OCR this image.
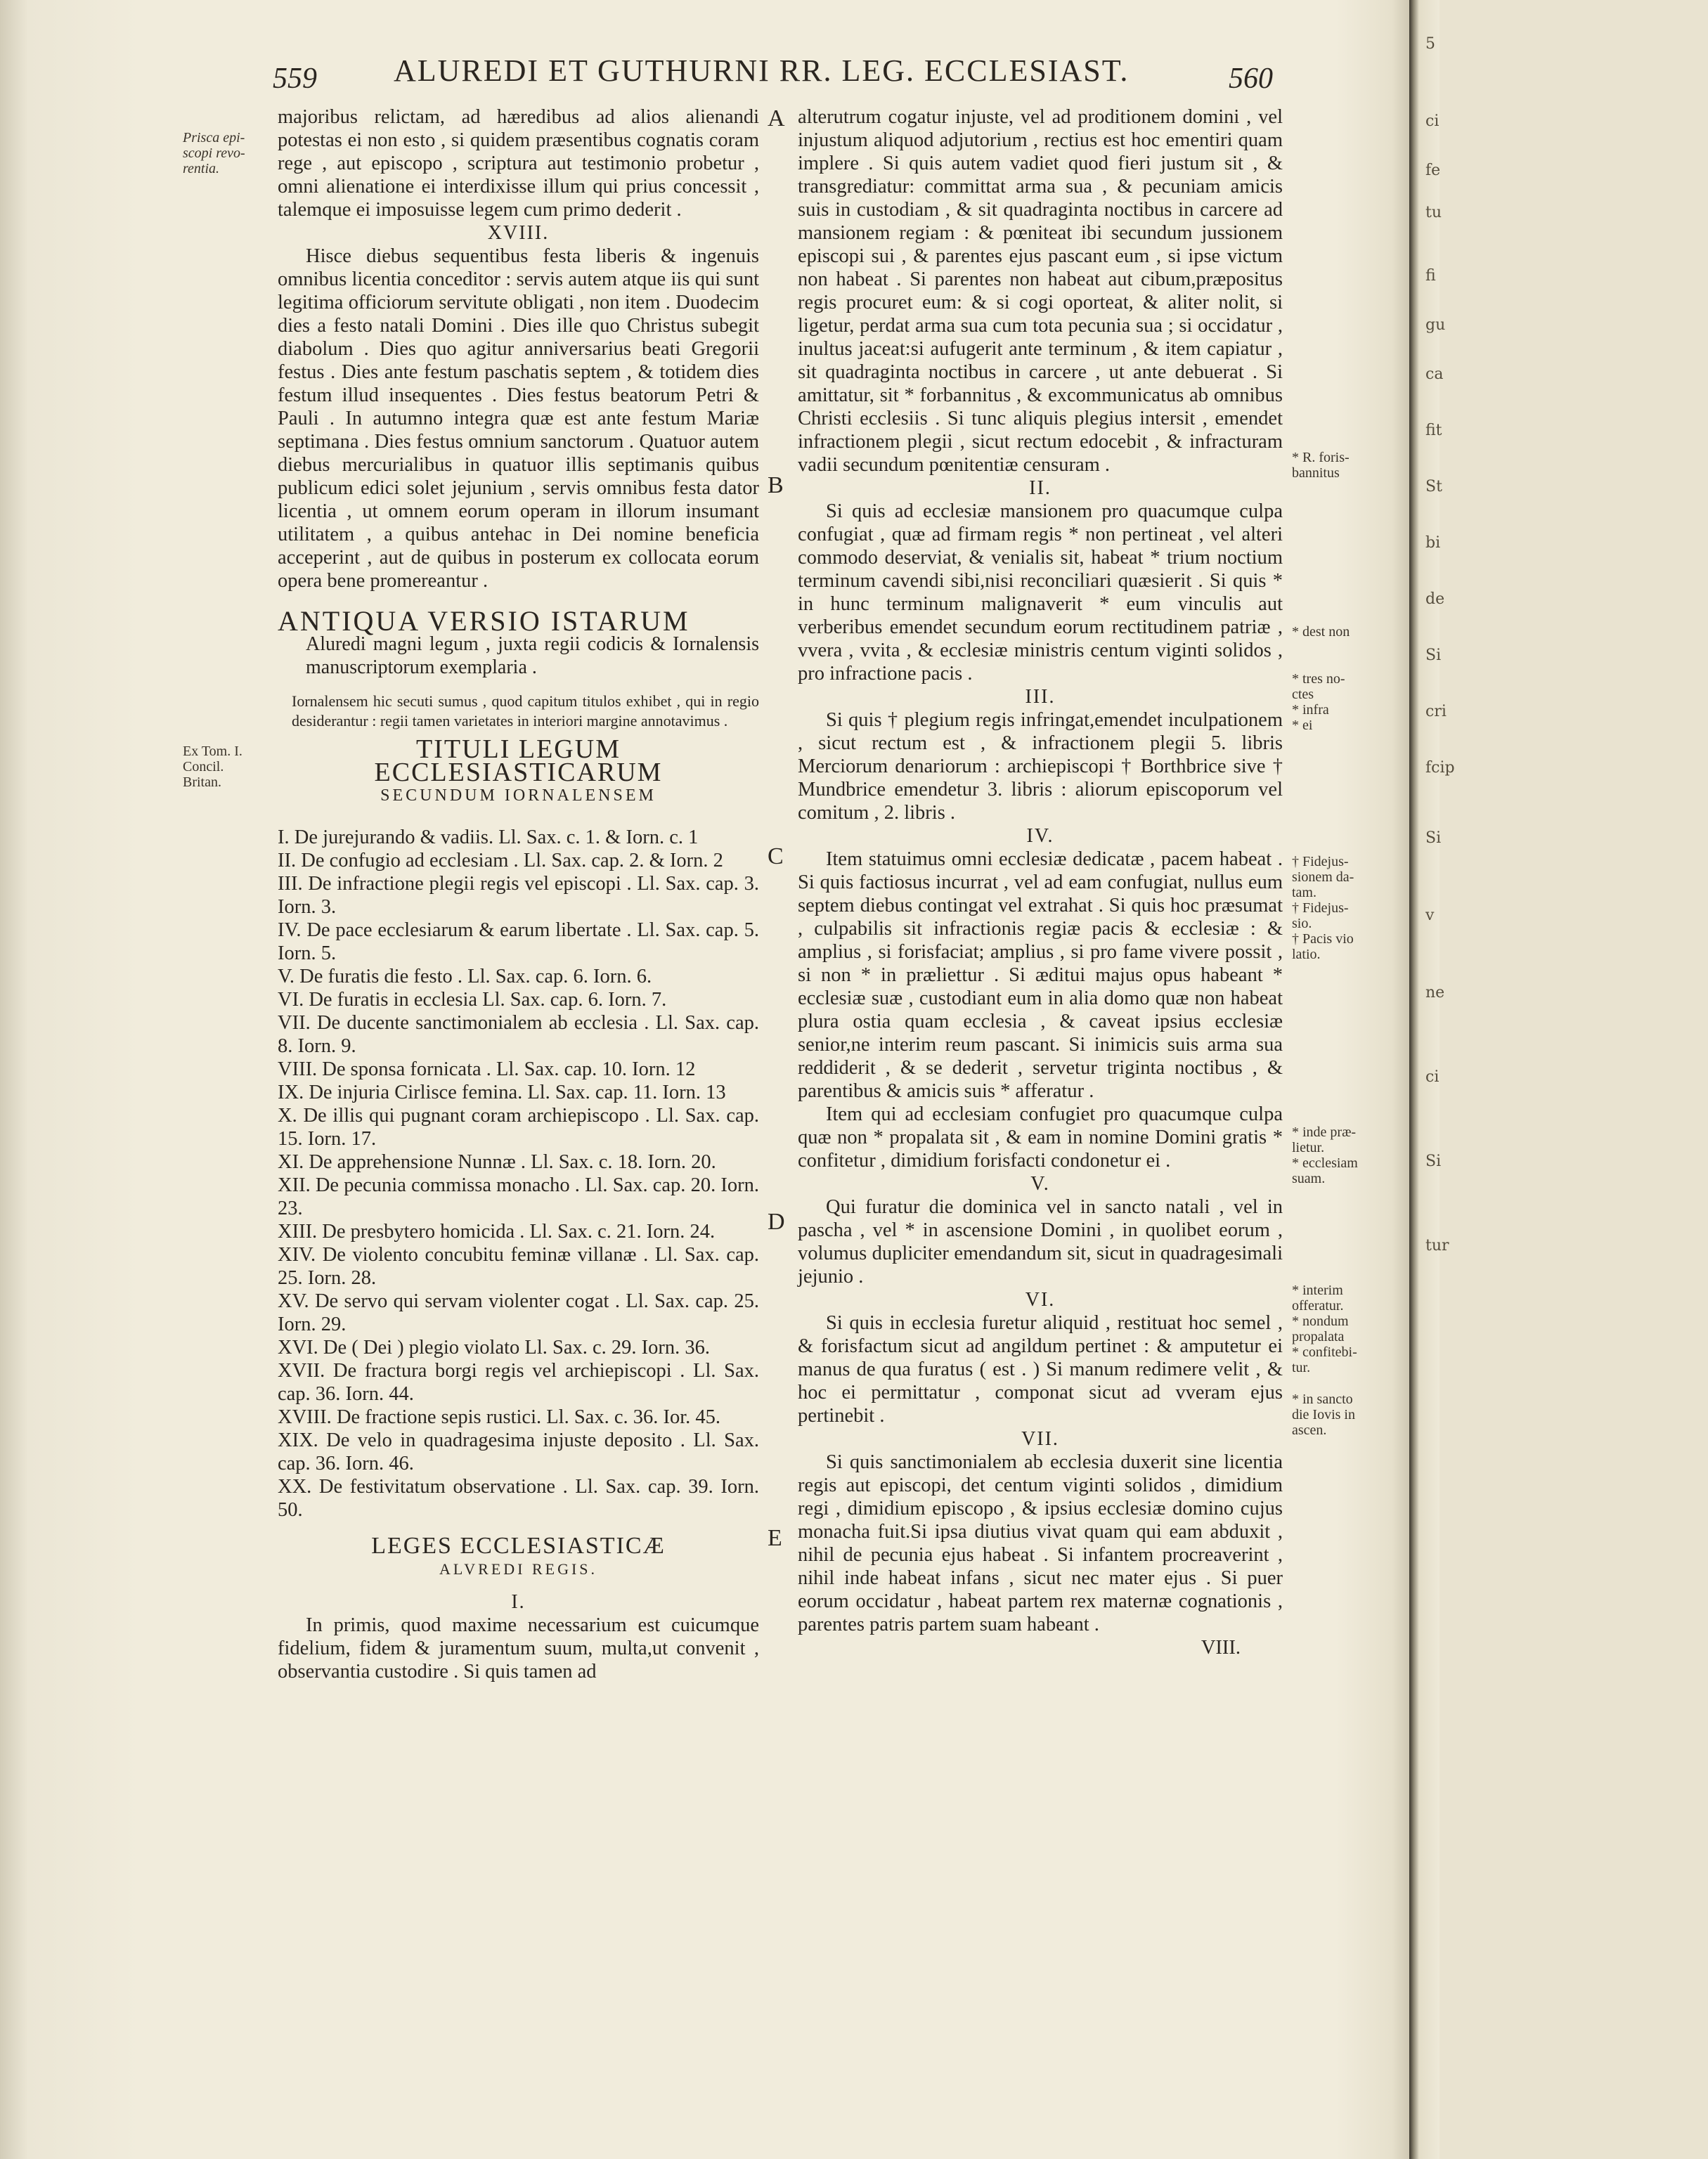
559 ALUREDI ET GUTHURNI RR. LEG. ECCLESIAST.	560
Prisca epi-
scopi revo-
rentia.
Ex Tom. I.
Concil.
Britan.
A
B
C
D
E

majoribus relictam, ad hæredibus ad alios alienandi potestas ei non esto , si quidem præsentibus cognatis coram rege , aut episcopo , scriptura aut testimonio probetur , omni alienatione ei interdixisse illum qui prius concessit , talemque ei imposuisse legem cum primo dederit .

XVIII.

Hisce diebus sequentibus festa liberis & ingenuis omnibus licentia conceditor : servis autem atque iis qui sunt legitima officiorum servitute obligati , non item . Duodecim dies a festo natali Domini . Dies ille quo Christus subegit diabolum . Dies quo agitur anniversarius beati Gregorii festus . Dies ante festum paschatis septem , & totidem dies festum illud insequentes . Dies festus beatorum Petri & Pauli . In autumno integra quæ est ante festum Mariæ septimana . Dies festus omnium sanctorum . Quatuor autem diebus mercurialibus in quatuor illis septimanis quibus publicum edici solet jejunium , servis omnibus festa dator licentia , ut omnem eorum operam in illorum insumant utilitatem , a quibus antehac in Dei nomine beneficia acceperint , aut de quibus in posterum ex collocata eorum opera bene promereantur .

ANTIQUA VERSIO ISTARUM
Aluredi magni legum , juxta regii codicis & Iornalensis manuscriptorum exemplaria .
Iornalensem hic secuti sumus , quod capitum titulos exhibet , qui in regio desiderantur : regii tamen varietates in interiori margine annotavimus .
TITULI LEGUM ECCLESIASTICARUM
SECUNDUM IORNALENSEM
I. De jurejurando & vadiis. Ll. Sax. c. 1. & Iorn. c. 1
II. De confugio ad ecclesiam . Ll. Sax. cap. 2. & Iorn. 2
III. De infractione plegii regis vel episcopi . Ll. Sax. cap. 3. Iorn. 3.
IV. De pace ecclesiarum & earum libertate . Ll. Sax. cap. 5. Iorn. 5.
V. De furatis die festo . Ll. Sax. cap. 6. Iorn. 6.
VI. De furatis in ecclesia Ll. Sax. cap. 6. Iorn. 7.
VII. De ducente sanctimonialem ab ecclesia . Ll. Sax. cap. 8. Iorn. 9.
VIII. De sponsa fornicata . Ll. Sax. cap. 10. Iorn. 12
IX. De injuria Cirlisce femina. Ll. Sax. cap. 11. Iorn. 13
X. De illis qui pugnant coram archiepiscopo . Ll. Sax. cap. 15. Iorn. 17.
XI. De apprehensione Nunnæ . Ll. Sax. c. 18. Iorn. 20.
XII. De pecunia commissa monacho . Ll. Sax. cap. 20. Iorn. 23.
XIII. De presbytero homicida . Ll. Sax. c. 21. Iorn. 24.
XIV. De violento concubitu feminæ villanæ . Ll. Sax. cap. 25. Iorn. 28.
XV. De servo qui servam violenter cogat . Ll. Sax. cap. 25. Iorn. 29.
XVI. De ( Dei ) plegio violato Ll. Sax. c. 29. Iorn. 36.
XVII. De fractura borgi regis vel archiepiscopi . Ll. Sax. cap. 36. Iorn. 44.
XVIII. De fractione sepis rustici. Ll. Sax. c. 36. Ior. 45.
XIX. De velo in quadragesima injuste deposito . Ll. Sax. cap. 36. Iorn. 46.
XX. De festivitatum observatione . Ll. Sax. cap. 39. Iorn. 50.
LEGES ECCLESIASTICÆ
ALVREDI REGIS.
I.

In primis, quod maxime necessarium est cuicumque fidelium, fidem & juramentum suum, multa,ut convenit , observantia custodire . Si quis tamen ad

alterutrum cogatur injuste, vel ad proditionem domini , vel injustum aliquod adjutorium , rectius est hoc ementiri quam implere . Si quis autem vadiet quod fieri justum sit , & transgrediatur: committat arma sua , & pecuniam amicis suis in custodiam , & sit quadraginta noctibus in carcere ad mansionem regiam : & pœniteat ibi secundum jussionem episcopi sui , & parentes ejus pascant eum , si ipse victum non habeat . Si parentes non habeat aut cibum,præpositus regis procuret eum: & si cogi oporteat, & aliter nolit, si ligetur, perdat arma sua cum tota pecunia sua ; si occidatur , inultus jaceat:si aufugerit ante terminum , & item capiatur , sit quadraginta noctibus in carcere , ut ante debuerat . Si amittatur, sit * forbannitus , & excommunicatus ab omnibus Christi ecclesiis . Si tunc aliquis plegius intersit , emendet infractionem plegii , sicut rectum edocebit , & infracturam vadii secundum pœnitentiæ censuram .

II.

Si quis ad ecclesiæ mansionem pro quacumque culpa confugiat , quæ ad firmam regis * non pertineat , vel alteri commodo deserviat, & venialis sit, habeat * trium noctium terminum cavendi sibi,nisi reconciliari quæsierit . Si quis * in hunc terminum malignaverit * eum vinculis aut verberibus emendet secundum eorum rectitudinem patriæ , vvera , vvita , & ecclesiæ ministris centum viginti solidos , pro infractione pacis .

III.

Si quis † plegium regis infringat,emendet inculpationem , sicut rectum est , & infractionem plegii 5. libris Merciorum denariorum : archiepiscopi † Borthbrice sive † Mundbrice emendetur 3. libris : aliorum episcoporum vel comitum , 2. libris .

IV.

Item statuimus omni ecclesiæ dedicatæ , pacem habeat . Si quis factiosus incurrat , vel ad eam confugiat, nullus eum septem diebus contingat vel extrahat . Si quis hoc præsumat , culpabilis sit infractionis regiæ pacis & ecclesiæ : & amplius , si forisfaciat; amplius , si pro fame vivere possit , si non * in præliettur . Si æditui majus opus habeant * ecclesiæ suæ , custodiant eum in alia domo quæ non habeat plura ostia quam ecclesia , & caveat ipsius ecclesiæ senior,ne interim reum pascant. Si inimicis suis arma sua reddiderit , & se dederit , servetur triginta noctibus , & parentibus & amicis suis * afferatur .

Item qui ad ecclesiam confugiet pro quacumque culpa quæ non * propalata sit , & eam in nomine Domini gratis * confitetur , dimidium forisfacti condonetur ei .

V.

Qui furatur die dominica vel in sancto natali , vel in pascha , vel * in ascensione Domini , in quolibet eorum , volumus dupliciter emendandum sit, sicut in quadragesimali jejunio .

VI.

Si quis in ecclesia furetur aliquid , restituat hoc semel , & forisfactum sicut ad angildum pertinet : & amputetur ei manus de qua furatus ( est . ) Si manum redimere velit , & hoc ei permittatur , componat sicut ad vveram ejus pertinebit .

VII.

Si quis sanctimonialem ab ecclesia duxerit sine licentia regis aut episcopi, det centum viginti solidos , dimidium regi , dimidium episcopo , & ipsius ecclesiæ domino cujus monacha fuit.Si ipsa diutius vivat quam qui eam abduxit , nihil de pecunia ejus habeat . Si infantem procreaverint , nihil inde habeat infans , sicut nec mater ejus . Si puer eorum occidatur , habeat partem rex maternæ cognationis , parentes patris partem suam habeant .

VIII.
* R. foris-
bannitus
* dest non
* tres no-
ctes
* infra
* ei
† Fidejus-
sionem da-
tam.
† Fidejus-
sio.
† Pacis vio
latio.
* inde præ-
lietur.
* ecclesiam
suam.
* interim
offeratur.
* nondum
propalata
* confitebi-
tur.
* in sancto
die Iovis in
ascen.
5
ci
fe
tu
fi
gu
ca
fit
St
bi
de
Si
cri
fcip
Si
v
ne
ci
Si
tur
